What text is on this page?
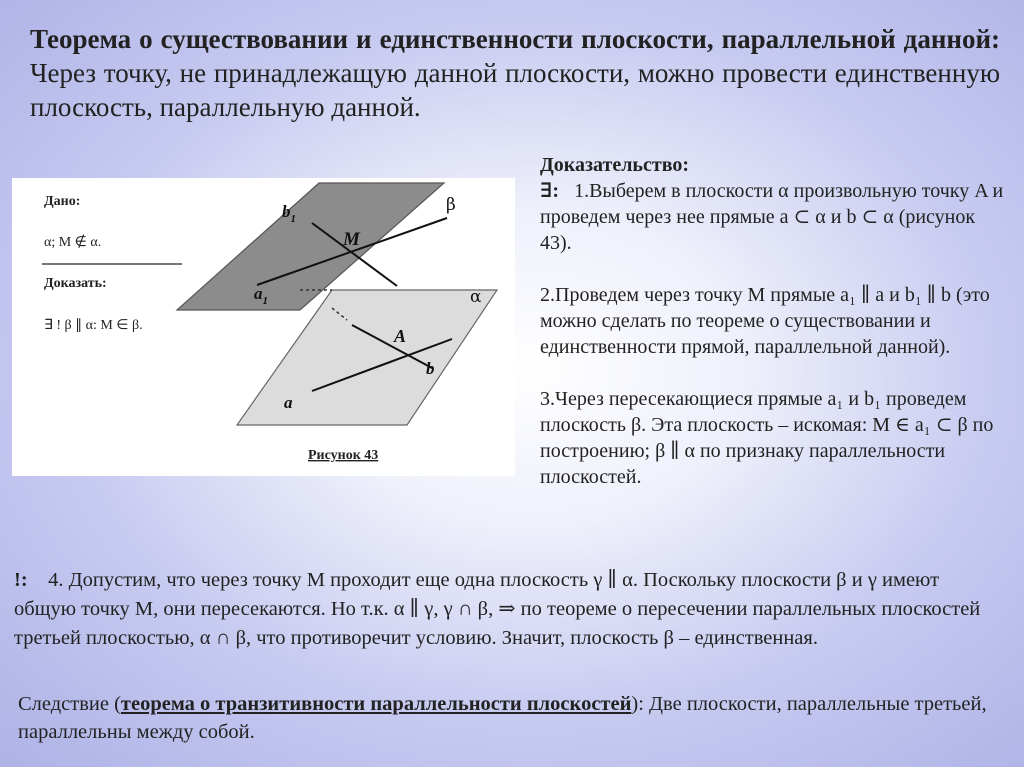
Теорема о существовании и единственности плоскости, параллельной данной: Через точку, не принадлежащую данной плоскости, можно провести единственную плоскость, параллельную данной.
$b_1$
β
M
$a_1$	α
A
b
a
Дано:
α; M ∉ α.
Доказать:
∃ ! β ∥ α: M ∈ β.
Рисунок 43

Доказательство:

∃: 1.Выберем в плоскости α произвольную точку A и проведем через нее прямые a ⊂ α и b ⊂ α (рисунок 43).

2.Проведем через точку M прямые a₁ ∥ a и b₁ ∥ b (это можно сделать по теореме о существовании и единственности прямой, параллельной данной).

3.Через пересекающиеся прямые a₁ и b₁ проведем плоскость β. Эта плоскость – искомая: M ∈ a₁ ⊂ β по построению; β ∥ α по признаку параллельности плоскостей.

!: 4. Допустим, что через точку M проходит еще одна плоскость γ ∥ α. Поскольку плоскости β и γ имеют общую точку M, они пересекаются. Но т.к. α ∥ γ, γ ∩ β, ⇒ по теореме о пересечении параллельных плоскостей третьей плоскостью, α ∩ β, что противоречит условию. Значит, плоскость β – единственная.
Следствие (теорема о транзитивности параллельности плоскостей): Две плоскости, параллельные третьей, параллельны между собой.
